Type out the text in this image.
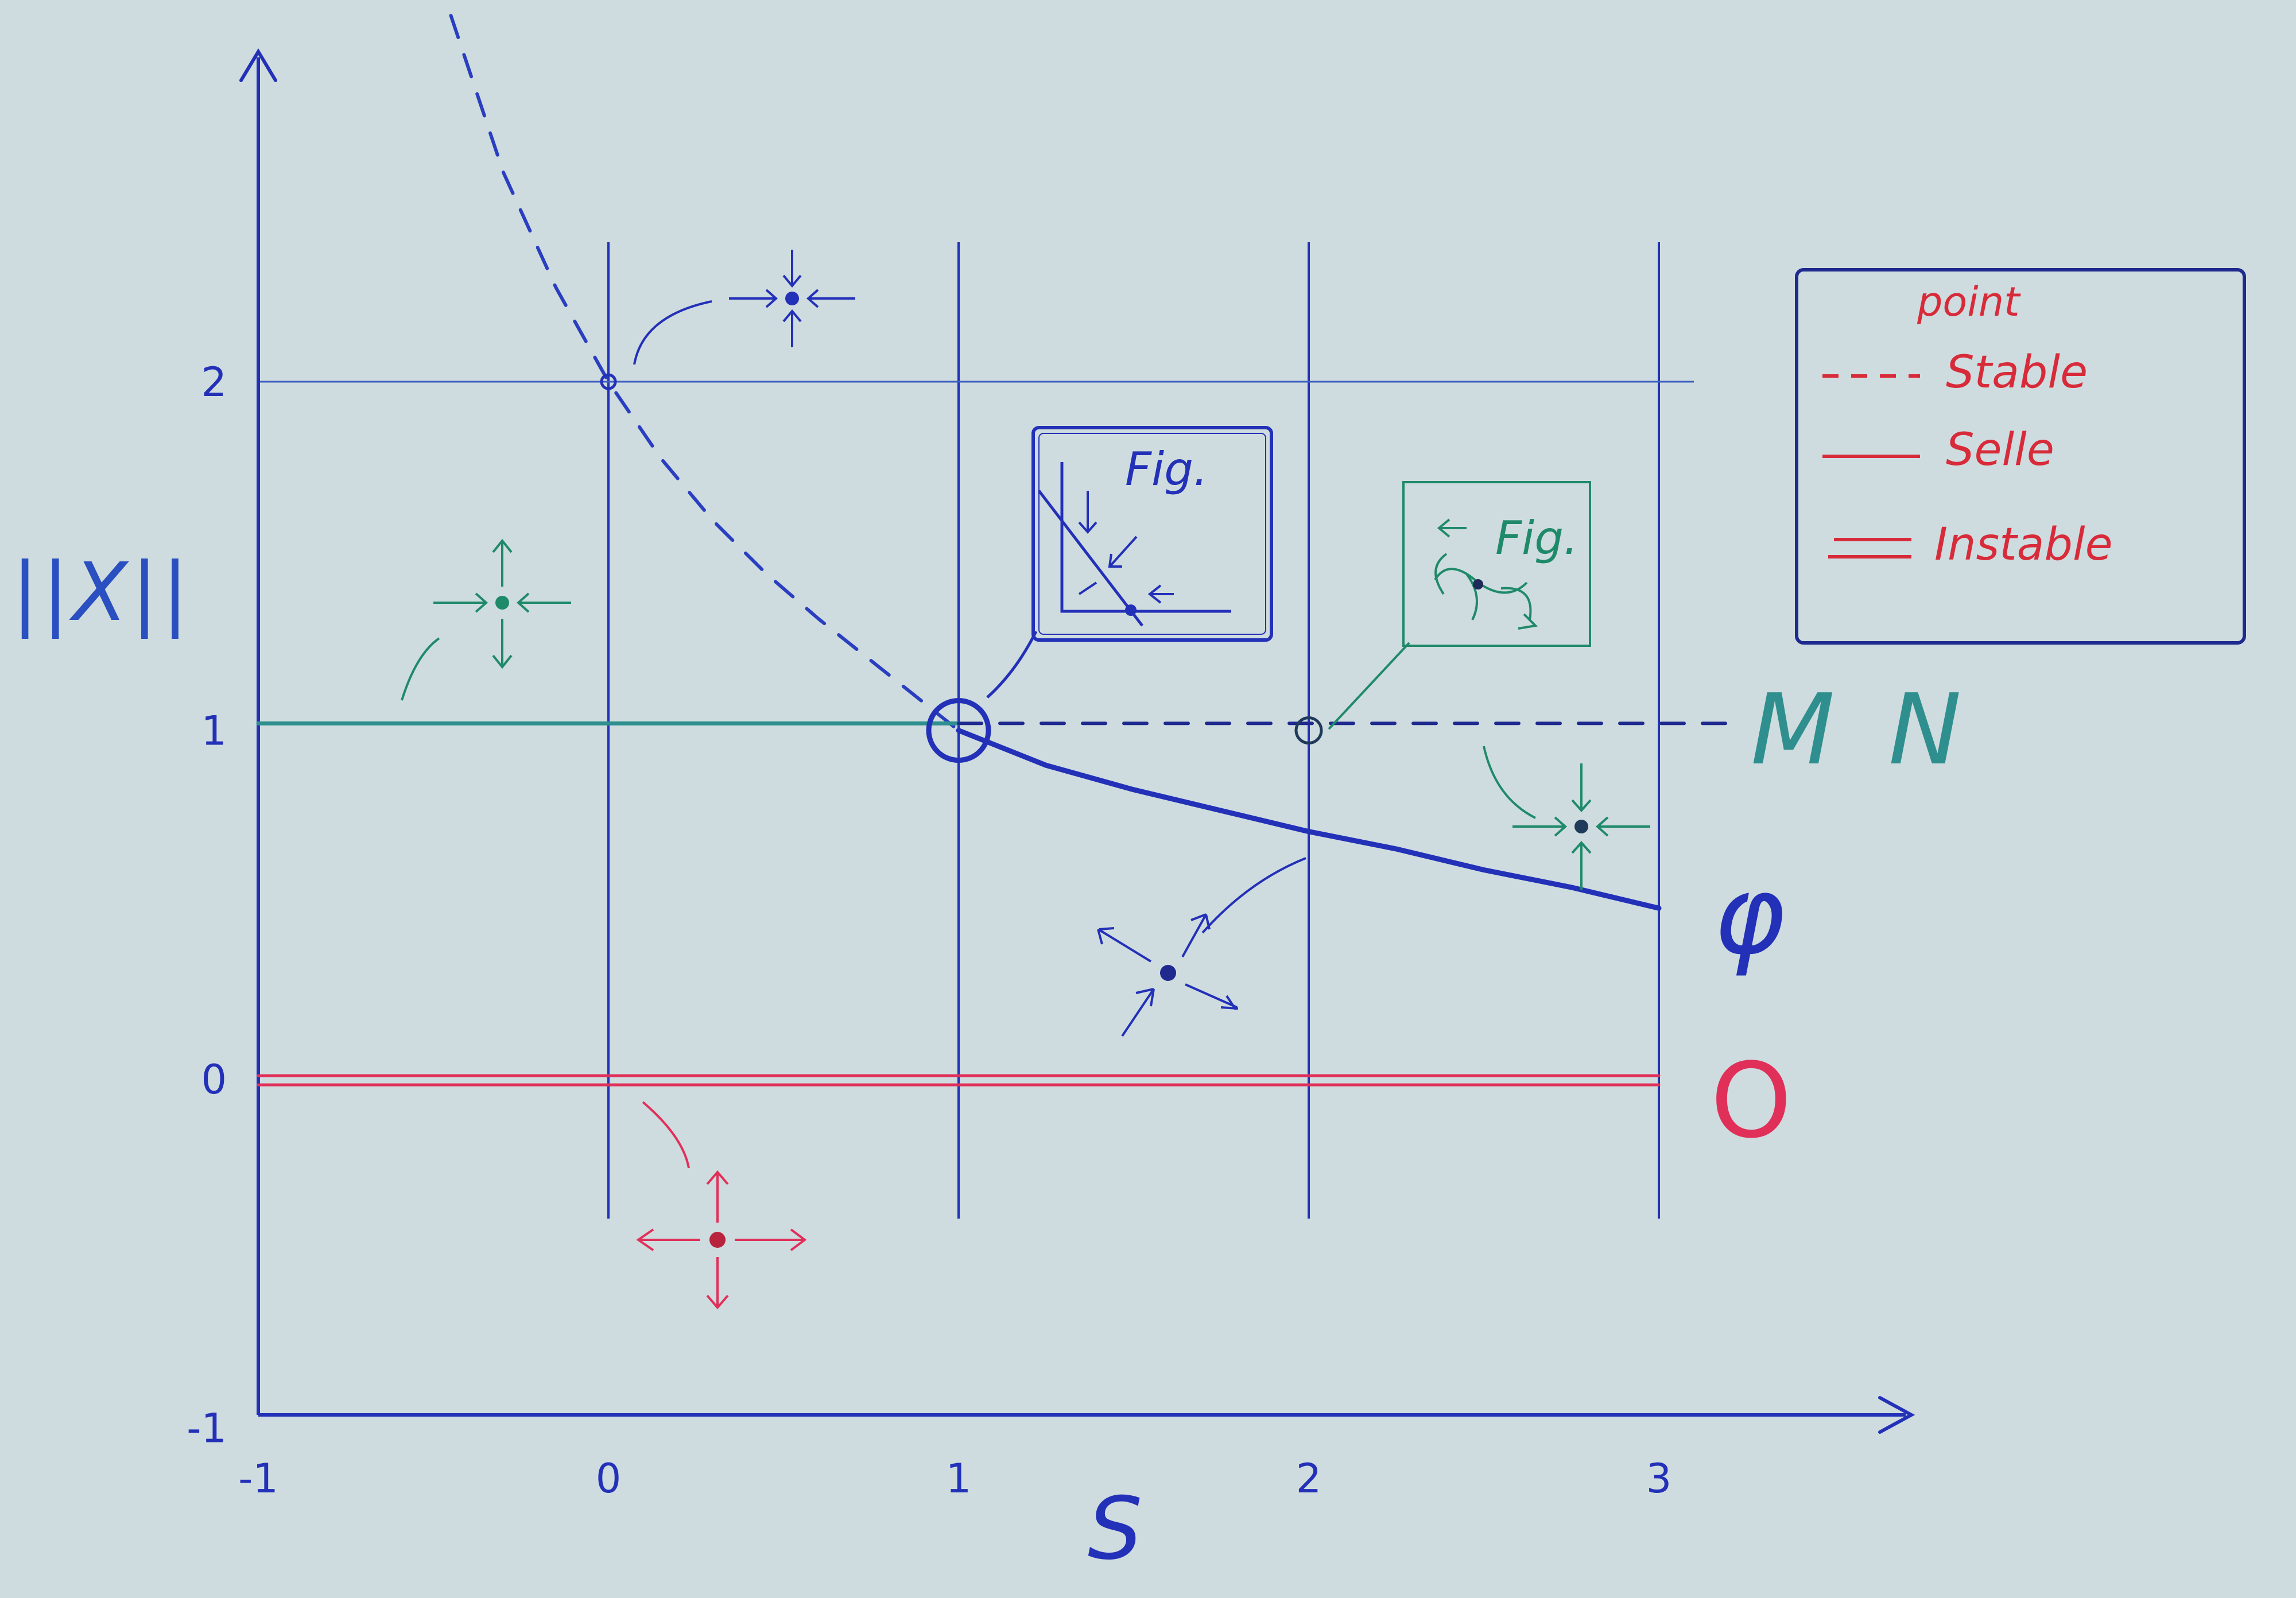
-1	0	1	2	3
-1
0
1
2
Fig.
Fig.
||X||
S
M N
φ
O
point
Stable
Selle
Instable
